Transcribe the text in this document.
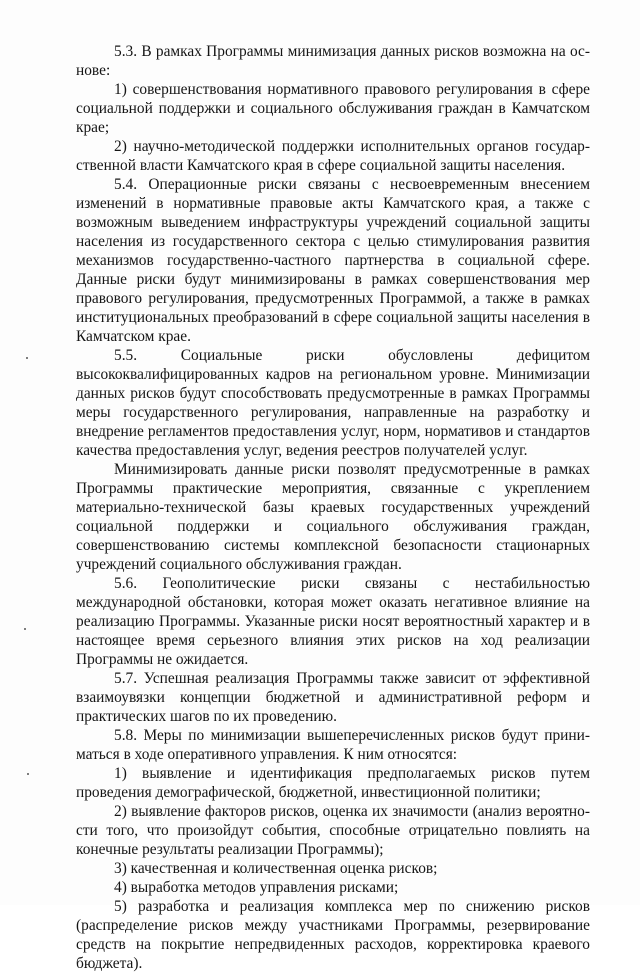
5.3. В рамках Программы минимизация данных рисков возможна на основе:

1) совершенствования нормативного правового регулирования в сфере социальной поддержки и социального обслуживания граждан в Камчатском крае;

2) научно-методической поддержки исполнительных органов государственной власти Камчатского края в сфере социальной защиты населения.

5.4. Операционные риски связаны с несвоевременным внесением изменений в нормативные правовые акты Камчатского края, а также с возможным выведением инфраструктуры учреждений социальной защиты населения из государственного сектора с целью стимулирования развития механизмов государственно-частного партнерства в социальной сфере. Данные риски будут минимизированы в рамках совершенствования мер правового регулирования, предусмотренных Программой, а также в рамках институциональных преобразований в сфере социальной защиты населения в Камчатском крае.

5.5. Социальные риски обусловлены дефицитом высококвалифицированных кадров на региональном уровне. Минимизации данных рисков будут способствовать предусмотренные в рамках Программы меры государственного регулирования, направленные на разработку и внедрение регламентов предоставления услуг, норм, нормативов и стандартов качества предоставления услуг, ведения реестров получателей услуг.

Минимизировать данные риски позволят предусмотренные в рамках Программы практические мероприятия, связанные с укреплением материально-технической базы краевых государственных учреждений социальной поддержки и социального обслуживания граждан, совершенствованию системы комплексной безопасности стационарных учреждений социального обслуживания граждан.

5.6. Геополитические риски связаны с нестабильностью международной обстановки, которая может оказать негативное влияние на реализацию Программы. Указанные риски носят вероятностный характер и в настоящее время серьезного влияния этих рисков на ход реализации Программы не ожидается.

5.7. Успешная реализация Программы также зависит от эффективной взаимоувязки концепции бюджетной и административной реформ и практических шагов по их проведению.

5.8. Меры по минимизации вышеперечисленных рисков будут приниматься в ходе оперативного управления. К ним относятся:

1) выявление и идентификация предполагаемых рисков путем проведения демографической, бюджетной, инвестиционной политики;

2) выявление факторов рисков, оценка их значимости (анализ вероятности того, что произойдут события, способные отрицательно повлиять на конечные результаты реализации Программы);

3) качественная и количественная оценка рисков;

4) выработка методов управления рисками;

5) разработка и реализация комплекса мер по снижению рисков (распределение рисков между участниками Программы, резервирование средств на покрытие непредвиденных расходов, корректировка краевого бюджета).
